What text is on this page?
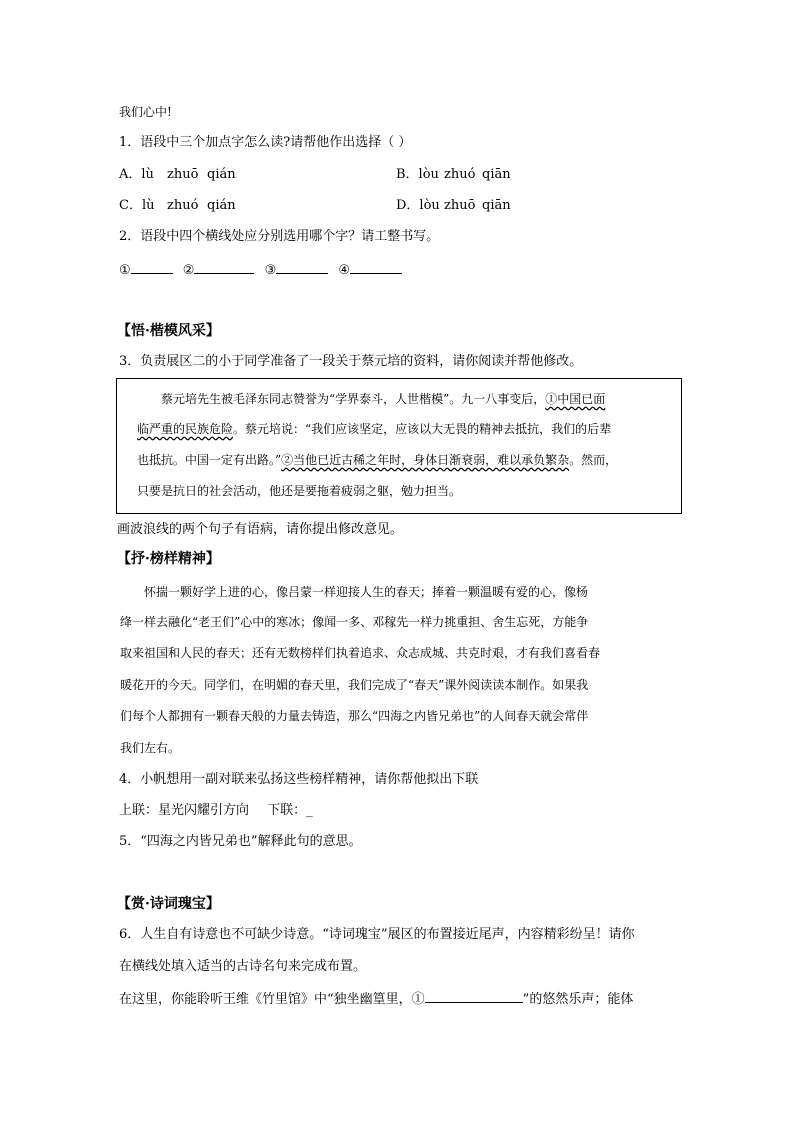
我们心中!
1．语段中三个加点字怎么读?请帮他作出选择（ ）
A．lù zhuō qián	B．lòu zhuó qiān
C．lù zhuó qián	D．lòu zhuō qiān
2．语段中四个横线处应分别选用哪个字？请工整书写。
①	②	③	④
【悟·楷模风采】
3．负责展区二的小于同学准备了一段关于蔡元培的资料，请你阅读并帮他修改。
蔡元培先生被毛泽东同志赞誉为“学界泰斗，人世楷模”。九一八事变后，①中国已面
临严重的民族危险。蔡元培说：“我们应该坚定，应该以大无畏的精神去抵抗，我们的后辈
也抵抗。中国一定有出路。”②当他已近古稀之年时，身体日渐衰弱，难以承负繁杂。然而，
只要是抗日的社会活动，他还是要拖着疲弱之躯，勉力担当。
画波浪线的两个句子有语病，请你提出修改意见。
【抒·榜样精神】
怀揣一颗好学上进的心，像吕蒙一样迎接人生的春天；捧着一颗温暖有爱的心，像杨
绛一样去融化“老王们”心中的寒冰；像闻一多、邓稼先一样力挑重担、舍生忘死，方能争
取来祖国和人民的春天；还有无数榜样们执着追求、众志成城、共克时艰，才有我们喜看春
暖花开的今天。同学们，在明媚的春天里，我们完成了“春天”课外阅读读本制作。如果我
们每个人都拥有一颗春天般的力量去铸造，那么“四海之内皆兄弟也”的人间春天就会常伴
我们左右。
4．小帆想用一副对联来弘扬这些榜样精神，请你帮他拟出下联
上联：星光闪耀引方向 下联：_
5．“四海之内皆兄弟也”解释此句的意思。
【赏·诗词瑰宝】
6．人生自有诗意也不可缺少诗意。“诗词瑰宝”展区的布置接近尾声，内容精彩纷呈！请你
在横线处填入适当的古诗名句来完成布置。
在这里，你能聆听王维《竹里馆》中“独坐幽篁里，①	”的悠然乐声；能体
